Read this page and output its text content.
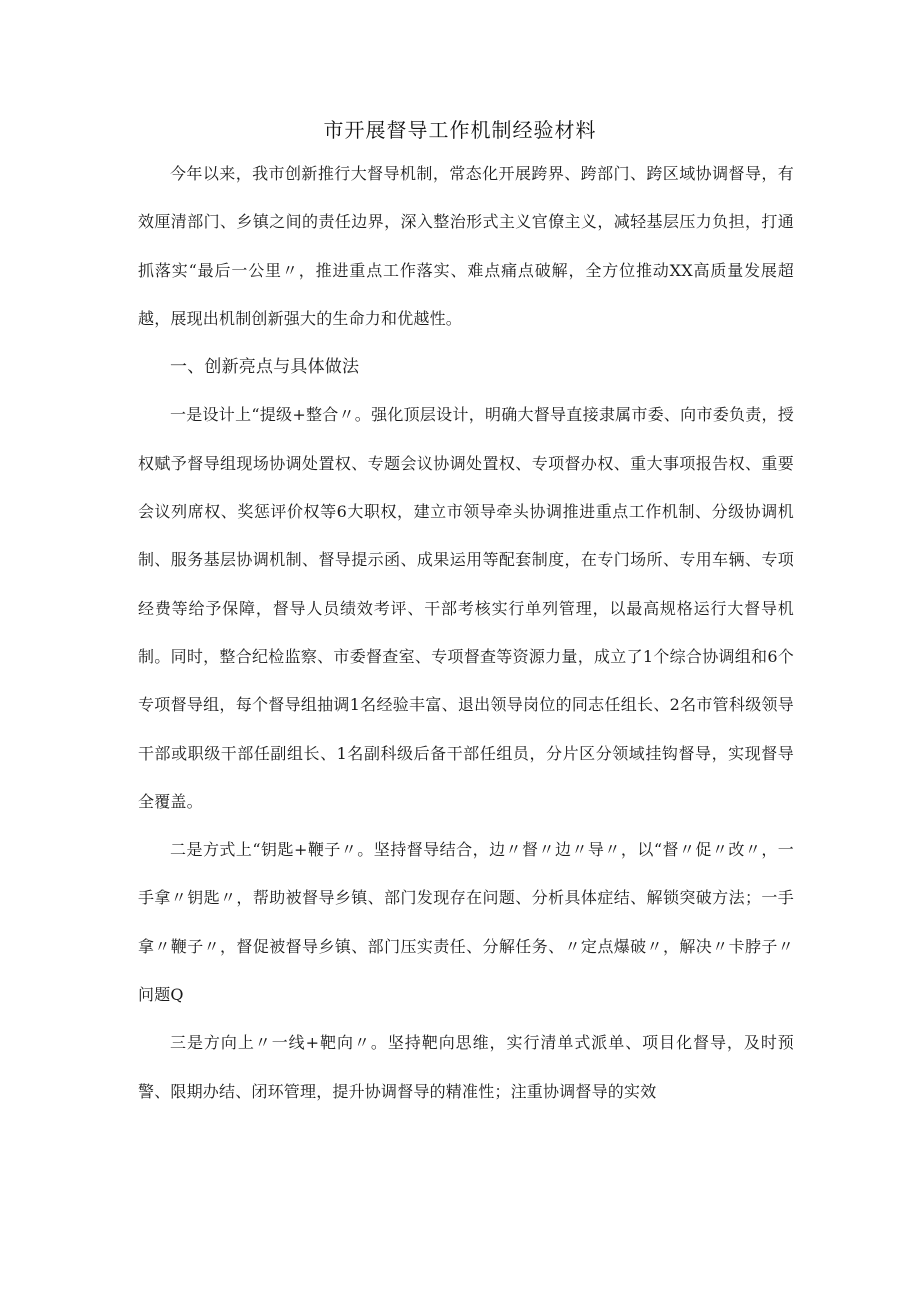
市开展督导工作机制经验材料

今年以来，我市创新推行大督导机制，常态化开展跨界、跨部门、跨区域协调督导，有效厘清部门、乡镇之间的责任边界，深入整治形式主义官僚主义，减轻基层压力负担，打通抓落实“最后一公里〃，推进重点工作落实、难点痛点破解，全方位推动XX高质量发展超越，展现出机制创新强大的生命力和优越性。

一、创新亮点与具体做法

一是设计上“提级+整合〃。强化顶层设计，明确大督导直接隶属市委、向市委负责，授权赋予督导组现场协调处置权、专题会议协调处置权、专项督办权、重大事项报告权、重要会议列席权、奖惩评价权等6大职权，建立市领导牵头协调推进重点工作机制、分级协调机制、服务基层协调机制、督导提示函、成果运用等配套制度，在专门场所、专用车辆、专项经费等给予保障，督导人员绩效考评、干部考核实行单列管理，以最高规格运行大督导机制。同时，整合纪检监察、市委督查室、专项督查等资源力量，成立了1个综合协调组和6个专项督导组，每个督导组抽调1名经验丰富、退出领导岗位的同志任组长、2名市管科级领导干部或职级干部任副组长、1名副科级后备干部任组员，分片区分领域挂钩督导，实现督导全覆盖。

二是方式上“钥匙+鞭子〃。坚持督导结合，边〃督〃边〃导〃，以“督〃促〃改〃，一手拿〃钥匙〃，帮助被督导乡镇、部门发现存在问题、分析具体症结、解锁突破方法；一手拿〃鞭子〃，督促被督导乡镇、部门压实责任、分解任务、〃定点爆破〃，解决〃卡脖子〃问题Q

三是方向上〃一线+靶向〃。坚持靶向思维，实行清单式派单、项目化督导，及时预警、限期办结、闭环管理，提升协调督导的精准性；注重协调督导的实效
